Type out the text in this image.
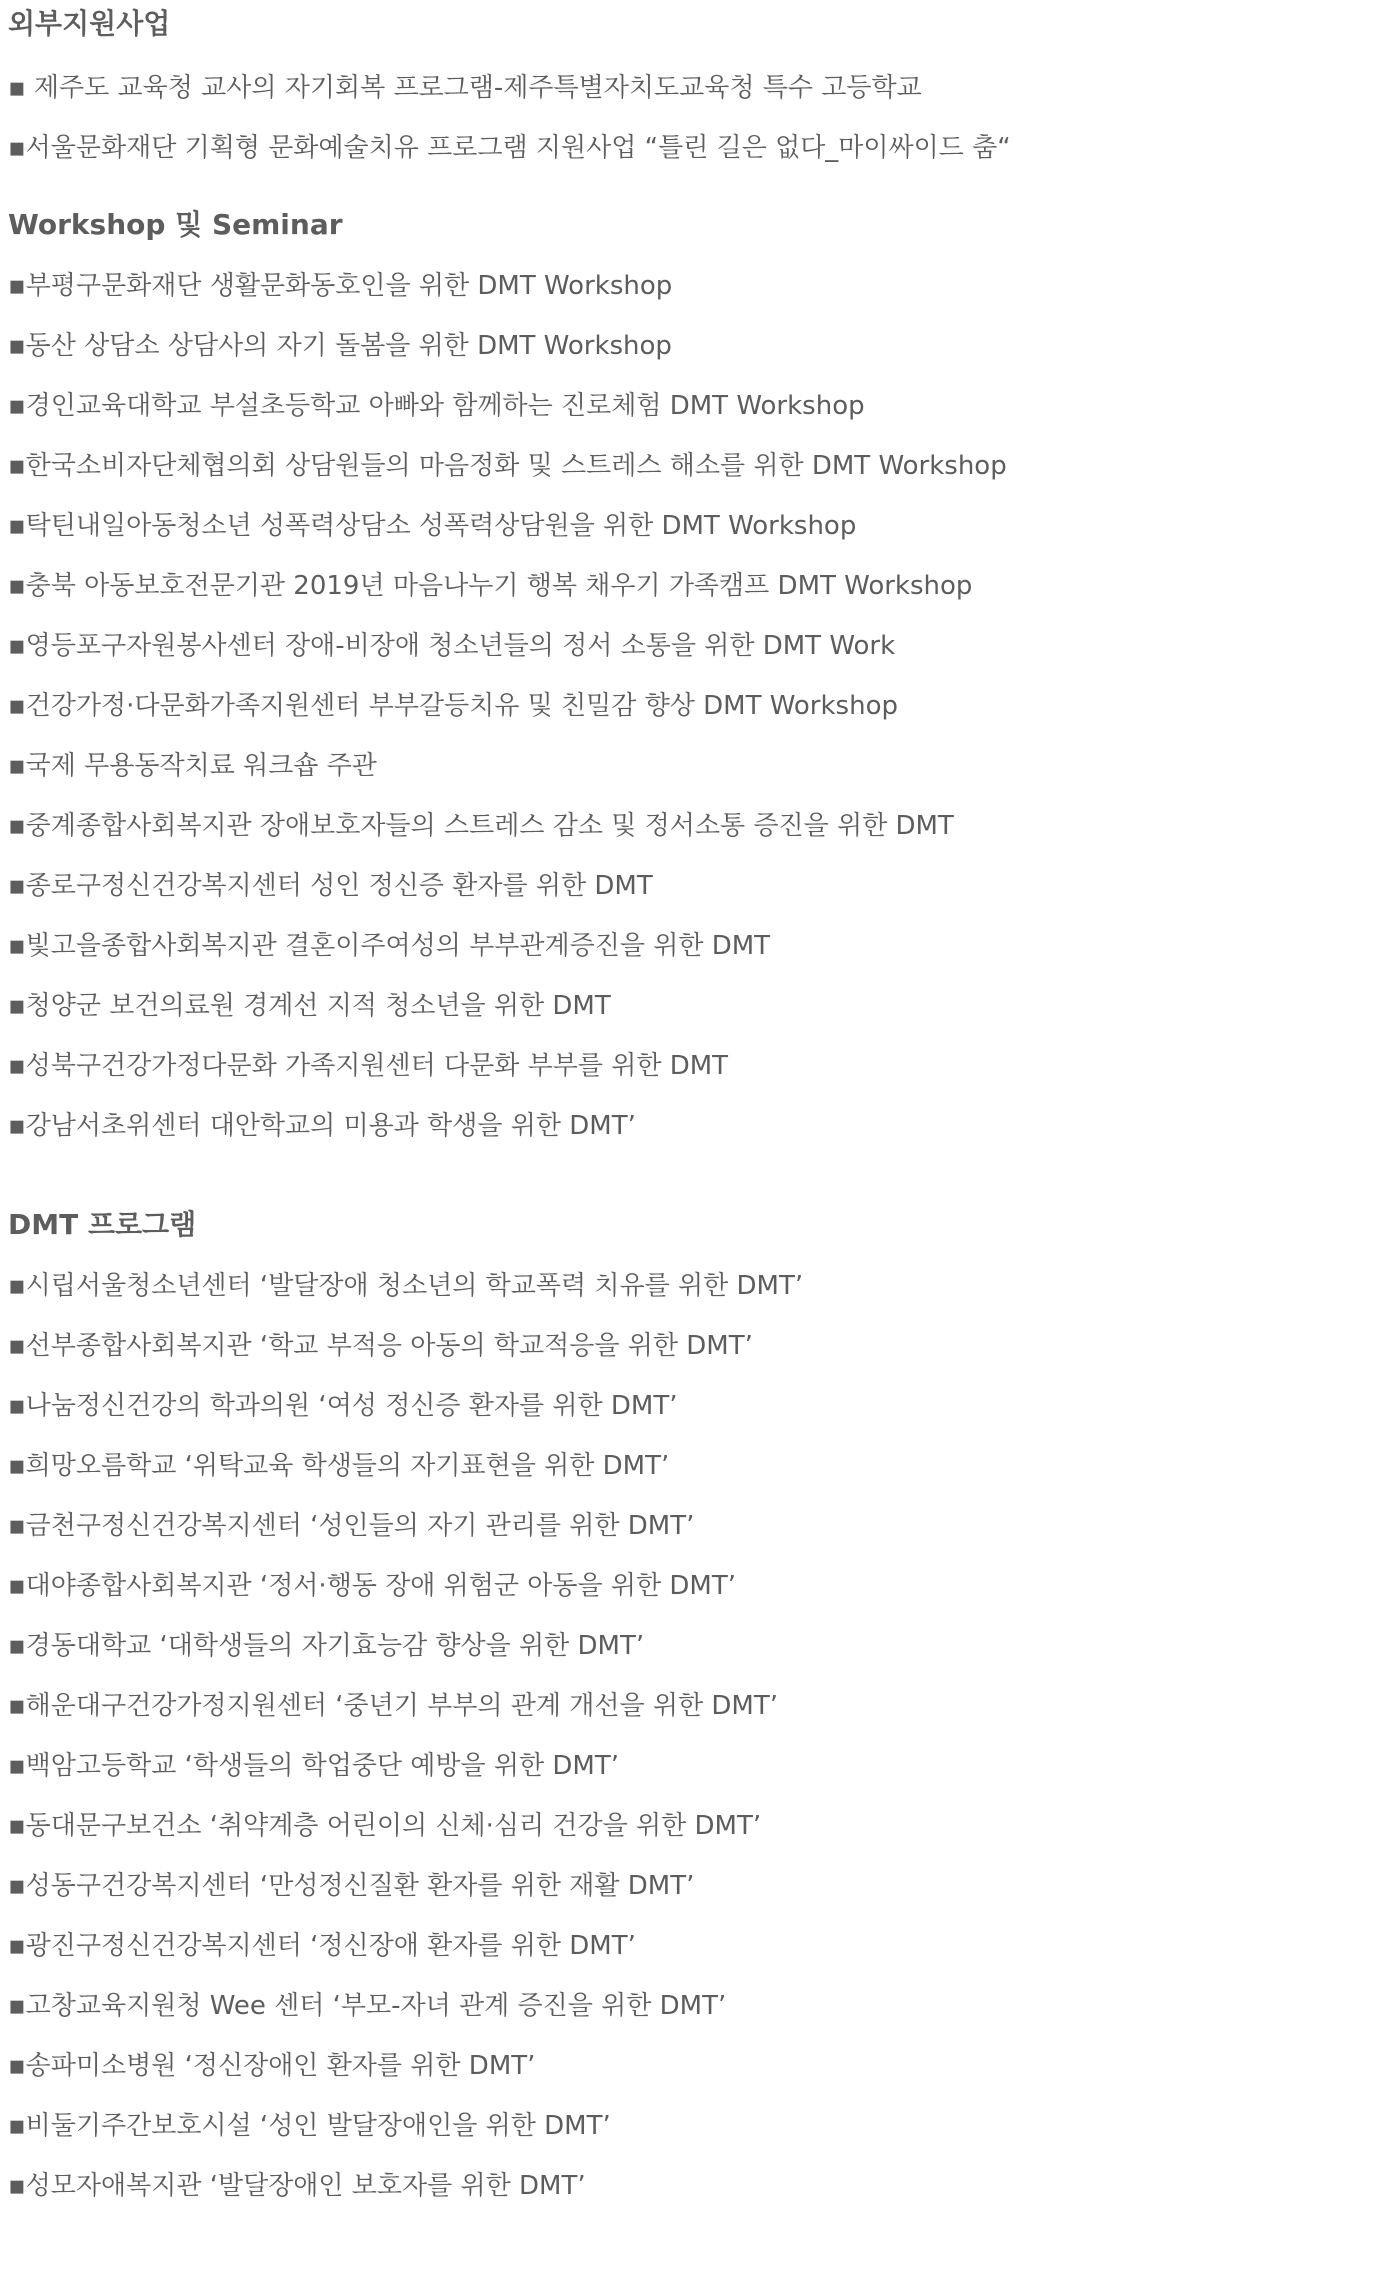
외부지원사업
▪ 제주도 교육청 교사의 자기회복 프로그램-제주특별자치도교육청 특수 고등학교
▪서울문화재단 기획형 문화예술치유 프로그램 지원사업 “틀린 길은 없다_마이싸이드 춤“
Workshop 및 Seminar
▪부평구문화재단 생활문화동호인을 위한 DMT Workshop
▪동산 상담소 상담사의 자기 돌봄을 위한 DMT Workshop
▪경인교육대학교 부설초등학교 아빠와 함께하는 진로체험 DMT Workshop
▪한국소비자단체협의회 상담원들의 마음정화 및 스트레스 해소를 위한 DMT Workshop
▪탁틴내일아동청소년 성폭력상담소 성폭력상담원을 위한 DMT Workshop
▪충북 아동보호전문기관 2019년 마음나누기 행복 채우기 가족캠프 DMT Workshop
▪영등포구자원봉사센터 장애-비장애 청소년들의 정서 소통을 위한 DMT Work
▪건강가정·다문화가족지원센터 부부갈등치유 및 친밀감 향상 DMT Workshop
▪국제 무용동작치료 워크숍 주관
▪중계종합사회복지관 장애보호자들의 스트레스 감소 및 정서소통 증진을 위한 DMT
▪종로구정신건강복지센터 성인 정신증 환자를 위한 DMT
▪빛고을종합사회복지관 결혼이주여성의 부부관계증진을 위한 DMT
▪청양군 보건의료원 경계선 지적 청소년을 위한 DMT
▪성북구건강가정다문화 가족지원센터 다문화 부부를 위한 DMT
▪강남서초위센터 대안학교의 미용과 학생을 위한 DMT’
DMT 프로그램
▪시립서울청소년센터 ‘발달장애 청소년의 학교폭력 치유를 위한 DMT’
▪선부종합사회복지관 ‘학교 부적응 아동의 학교적응을 위한 DMT’
▪나눔정신건강의 학과의원 ‘여성 정신증 환자를 위한 DMT’
▪희망오름학교 ‘위탁교육 학생들의 자기표현을 위한 DMT’
▪금천구정신건강복지센터 ‘성인들의 자기 관리를 위한 DMT’
▪대야종합사회복지관 ‘정서·행동 장애 위험군 아동을 위한 DMT’
▪경동대학교 ‘대학생들의 자기효능감 향상을 위한 DMT’
▪해운대구건강가정지원센터 ‘중년기 부부의 관계 개선을 위한 DMT’
▪백암고등학교 ‘학생들의 학업중단 예방을 위한 DMT’
▪동대문구보건소 ‘취약계층 어린이의 신체·심리 건강을 위한 DMT’
▪성동구건강복지센터 ‘만성정신질환 환자를 위한 재활 DMT’
▪광진구정신건강복지센터 ‘정신장애 환자를 위한 DMT’
▪고창교육지원청 Wee 센터 ‘부모-자녀 관계 증진을 위한 DMT’
▪송파미소병원 ‘정신장애인 환자를 위한 DMT’
▪비둘기주간보호시설 ‘성인 발달장애인을 위한 DMT’
▪성모자애복지관 ‘발달장애인 보호자를 위한 DMT’
